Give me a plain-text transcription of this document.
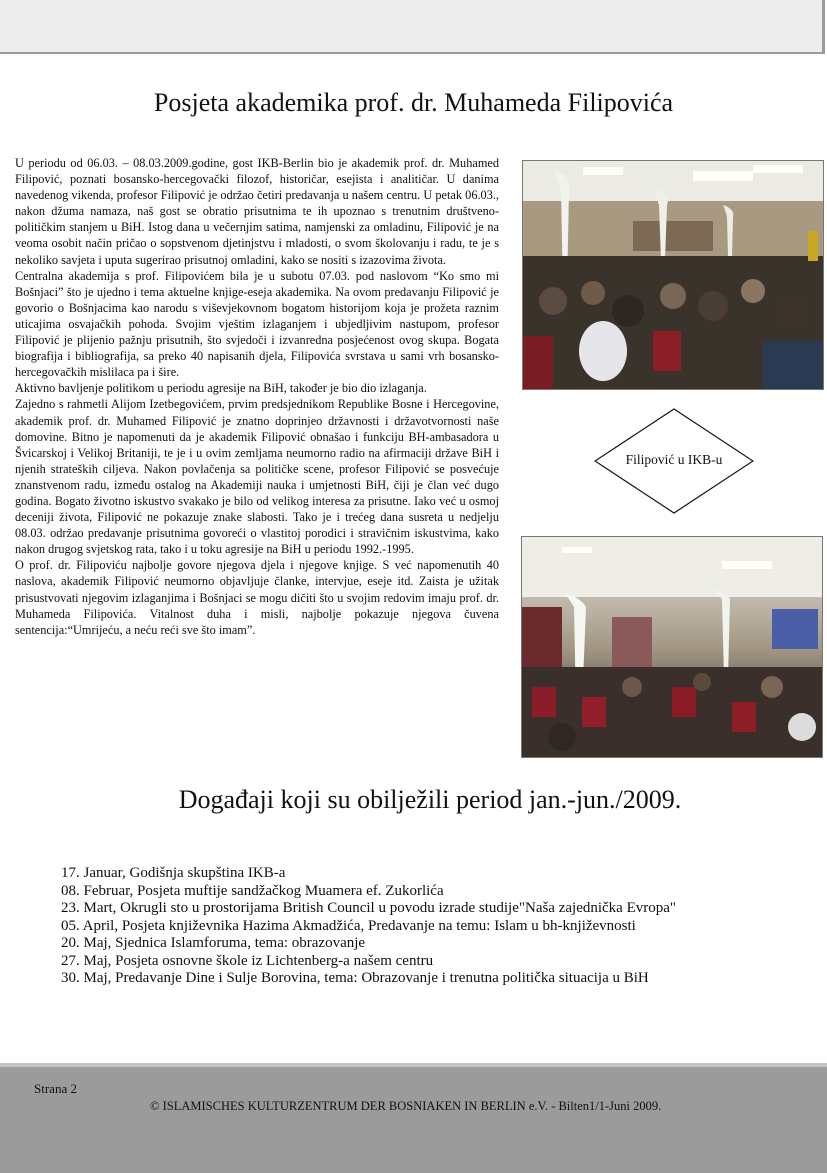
Posjeta akademika prof. dr. Muhameda Filipovića

U periodu od 06.03. – 08.03.2009.godine, gost IKB-Berlin bio je akademik prof. dr. Muhamed Filipović, poznati bosansko-hercegovački filozof, historičar, esejista i analitičar. U danima navedenog vikenda, profesor Filipović je održao četiri predavanja u našem centru. U petak 06.03., nakon džuma namaza, naš gost se obratio prisutnima te ih upoznao s trenutnim društveno-političkim stanjem u BiH. Istog dana u večernjim satima, namjenski za omladinu, Filipović je na veoma osobit način pričao o sopstvenom djetinjstvu i mladosti, o svom školovanju i radu, te je s nekoliko savjeta i uputa sugerirao prisutnoj omladini, kako se nositi s izazovima života.

Centralna akademija s prof. Filipovićem bila je u subotu 07.03. pod naslovom “Ko smo mi Bošnjaci” što je ujedno i tema aktuelne knjige-eseja akademika. Na ovom predavanju Filipović je govorio o Bošnjacima kao narodu s viševjekovnom bogatom historijom koja je prožeta raznim uticajima osvajačkih pohoda. Svojim vještim izlaganjem i ubjedljivim nastupom, profesor Filipović je plijenio pažnju prisutnih, što svjedoči i izvanredna posjećenost ovog skupa. Bogata biografija i bibliografija, sa preko 40 napisanih djela, Filipovića svrstava u sami vrh bosansko-hercegovačkih mislilaca pa i šire.

Aktivno bavljenje politikom u periodu agresije na BiH, također je bio dio izlaganja.

Zajedno s rahmetli Alijom Izetbegovićem, prvim predsjednikom Republike Bosne i Hercegovine, akademik prof. dr. Muhamed Filipović je znatno doprinjeo državnosti i državotvornosti naše domovine. Bitno je napomenuti da je akademik Filipović obnašao i funkciju BH-ambasadora u Švicarskoj i Velikoj Britaniji, te je i u ovim zemljama neumorno radio na afirmaciji države BiH i njenih strateških ciljeva. Nakon povlačenja sa političke scene, profesor Filipović se posvećuje znanstvenom radu, između ostalog na Akademiji nauka i umjetnosti BiH, čiji je član već dugo godina. Bogato životno iskustvo svakako je bilo od velikog interesa za prisutne. Iako već u osmoj deceniji života, Filipović ne pokazuje znake slabosti. Tako je i trećeg dana susreta u nedjelju 08.03. održao predavanje prisutnima govoreći o vlastitoj porodici i stravičnim iskustvima, kako nakon drugog svjetskog rata, tako i u toku agresije na BiH u periodu 1992.-1995.

O prof. dr. Filipoviću najbolje govore njegova djela i njegove knjige. S već napomenutih 40 naslova, akademik Filipović neumorno objavljuje članke, intervjue, eseje itd. Zaista je užitak prisustvovati njegovim izlaganjima i Bošnjaci se mogu dičiti što u svojim redovim imaju prof. dr. Muhameda Filipovića. Vitalnost duha i misli, najbolje pokazuje njegova čuvena sentencija:“Umrijeću, a neću reći sve što imam”.

Filipović u IKB-u
Događaji koji su obilježili period jan.-jun./2009.
17. Januar, Godišnja skupština IKB-a
08. Februar, Posjeta muftije sandžačkog Muamera ef. Zukorlića
23. Mart, Okrugli sto u prostorijama British Council u povodu izrade studije"Naša zajednička Evropa"
05. April, Posjeta književnika Hazima Akmadžića, Predavanje na temu: Islam u bh-književnosti
20. Maj, Sjednica Islamforuma, tema: obrazovanje
27. Maj, Posjeta osnovne škole iz Lichtenberg-a našem centru
30. Maj, Predavanje Dine i Sulje Borovina, tema: Obrazovanje i trenutna politička situacija u BiH
Strana 2
© ISLAMISCHES KULTURZENTRUM DER BOSNIAKEN IN BERLIN e.V. - Bilten1/1-Juni 2009.
